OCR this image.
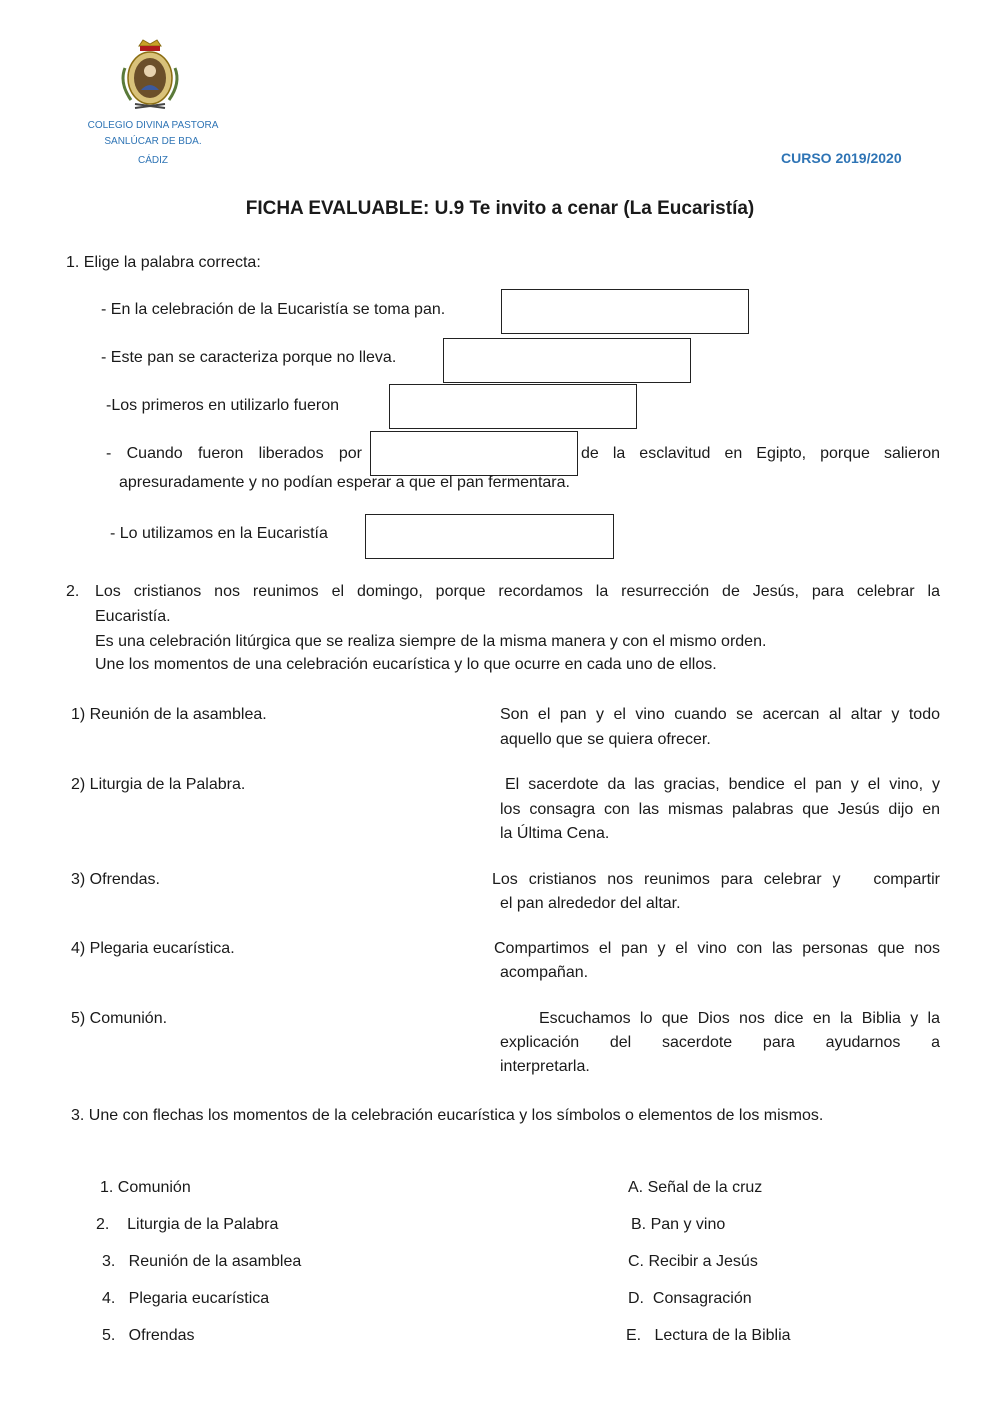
COLEGIO DIVINA PASTORA
SANLÚCAR DE BDA.
CÁDIZ	CURSO 2019/2020
FICHA EVALUABLE: U.9 Te invito a cenar (La Eucaristía)
1. Elige la palabra correcta:
- En la celebración de la Eucaristía se toma pan.
- Este pan se caracteriza porque no lleva.
-Los primeros en utilizarlo fueron
- Cuando fueron liberados por	de la esclavitud en Egipto, porque salieron
apresuradamente y no podían esperar a que el pan fermentara.
- Lo utilizamos en la Eucaristía
2. Los cristianos nos reunimos el domingo, porque recordamos la resurrección de Jesús, para celebrar la
Eucaristía.
Es una celebración litúrgica que se realiza siempre de la misma manera y con el mismo orden.
Une los momentos de una celebración eucarística y lo que ocurre en cada uno de ellos.
1) Reunión de la asamblea.
2) Liturgia de la Palabra.
3) Ofrendas.
4) Plegaria eucarística.
5) Comunión.
Son el pan y el vino cuando se acercan al altar y todo
aquello que se quiera ofrecer.
El sacerdote da las gracias, bendice el pan y el vino, y
los consagra con las mismas palabras que Jesús dijo en
la Última Cena.
Los cristianos nos reunimos para celebrar y   compartir
el pan alrededor del altar.
Compartimos el pan y el vino con las personas que nos
acompañan.
Escuchamos lo que Dios nos dice en la Biblia y la
explicación del sacerdote para ayudarnos a
interpretarla.
3. Une con flechas los momentos de la celebración eucarística y los símbolos o elementos de los mismos.
1. Comunión
2.    Liturgia de la Palabra
3.   Reunión de la asamblea
4.   Plegaria eucarística
5.   Ofrendas
A. Señal de la cruz
B. Pan y vino
C. Recibir a Jesús
D.  Consagración
E.   Lectura de la Biblia
